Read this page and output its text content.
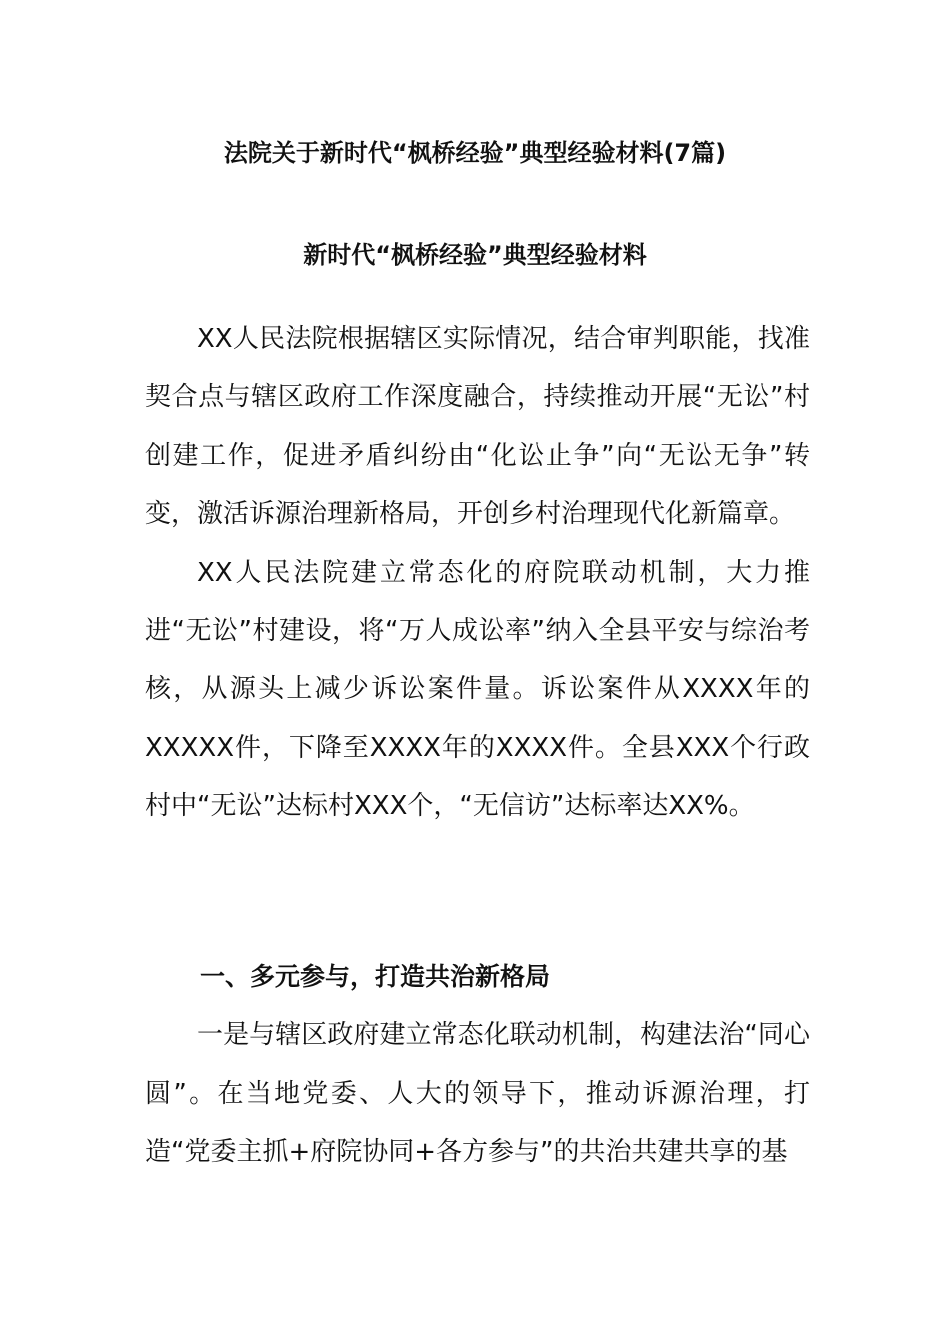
法院关于新时代“枫桥经验”典型经验材料(7篇)
新时代“枫桥经验”典型经验材料

XX人民法院根据辖区实际情况，结合审判职能，找准契合点与辖区政府工作深度融合，持续推动开展“无讼”村创建工作，促进矛盾纠纷由“化讼止争”向“无讼无争”转变，激活诉源治理新格局，开创乡村治理现代化新篇章。

XX人民法院建立常态化的府院联动机制，大力推进“无讼”村建设，将“万人成讼率”纳入全县平安与综治考核，从源头上减少诉讼案件量。诉讼案件从XXXX年的XXXXX件，下降至XXXX年的XXXX件。全县XXX个行政村中“无讼”达标村XXX个，“无信访”达标率达XX%。

一、多元参与，打造共治新格局

一是与辖区政府建立常态化联动机制，构建法治“同心圆”。在当地党委、人大的领导下，推动诉源治理，打造“党委主抓+府院协同+各方参与”的共治共建共享的基
